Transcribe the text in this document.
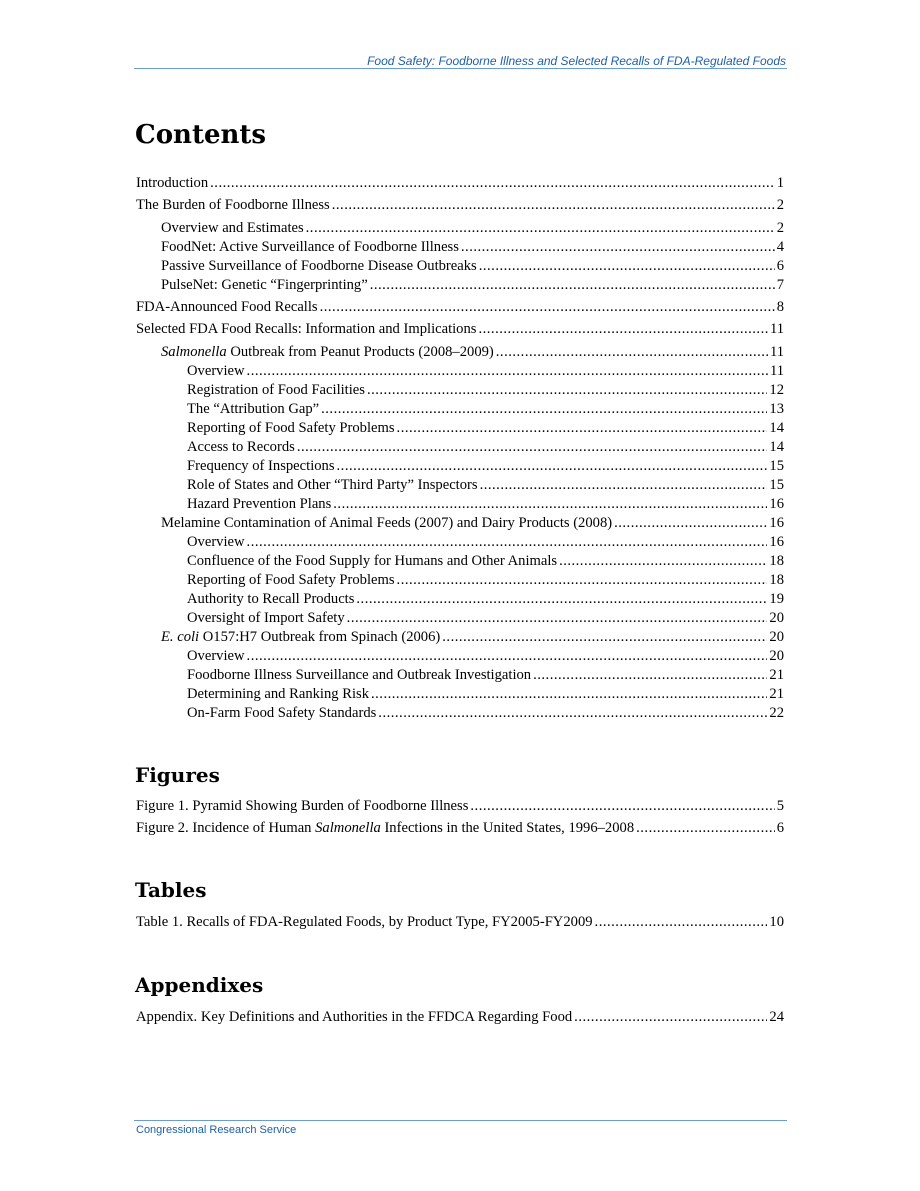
Food Safety: Foodborne Illness and Selected Recalls of FDA-Regulated Foods
Contents
Introduction .....	1
The Burden of Foodborne Illness .....	2
Overview and Estimates .....	2
FoodNet: Active Surveillance of Foodborne Illness .....	4
Passive Surveillance of Foodborne Disease Outbreaks .....	6
PulseNet: Genetic “Fingerprinting” .....	7
FDA-Announced Food Recalls .....	8
Selected FDA Food Recalls: Information and Implications .....	11
Salmonella Outbreak from Peanut Products (2008–2009) .....	11
Overview .....	11
Registration of Food Facilities .....	12
The “Attribution Gap” .....	13
Reporting of Food Safety Problems .....	14
Access to Records .....	14
Frequency of Inspections .....	15
Role of States and Other “Third Party” Inspectors .....	15
Hazard Prevention Plans .....	16
Melamine Contamination of Animal Feeds (2007) and Dairy Products (2008) .....	16
Overview .....	16
Confluence of the Food Supply for Humans and Other Animals .....	18
Reporting of Food Safety Problems .....	18
Authority to Recall Products .....	19
Oversight of Import Safety .....	20
E. coli O157:H7 Outbreak from Spinach (2006) .....	20
Overview .....	20
Foodborne Illness Surveillance and Outbreak Investigation .....	21
Determining and Ranking Risk .....	21
On-Farm Food Safety Standards .....	22
Figures
Figure 1. Pyramid Showing Burden of Foodborne Illness .....	5
Figure 2. Incidence of Human Salmonella Infections in the United States, 1996–2008 .....	6
Tables
Table 1. Recalls of FDA-Regulated Foods, by Product Type, FY2005-FY2009 .....	10
Appendixes
Appendix. Key Definitions and Authorities in the FFDCA Regarding Food .....	24
Congressional Research Service
